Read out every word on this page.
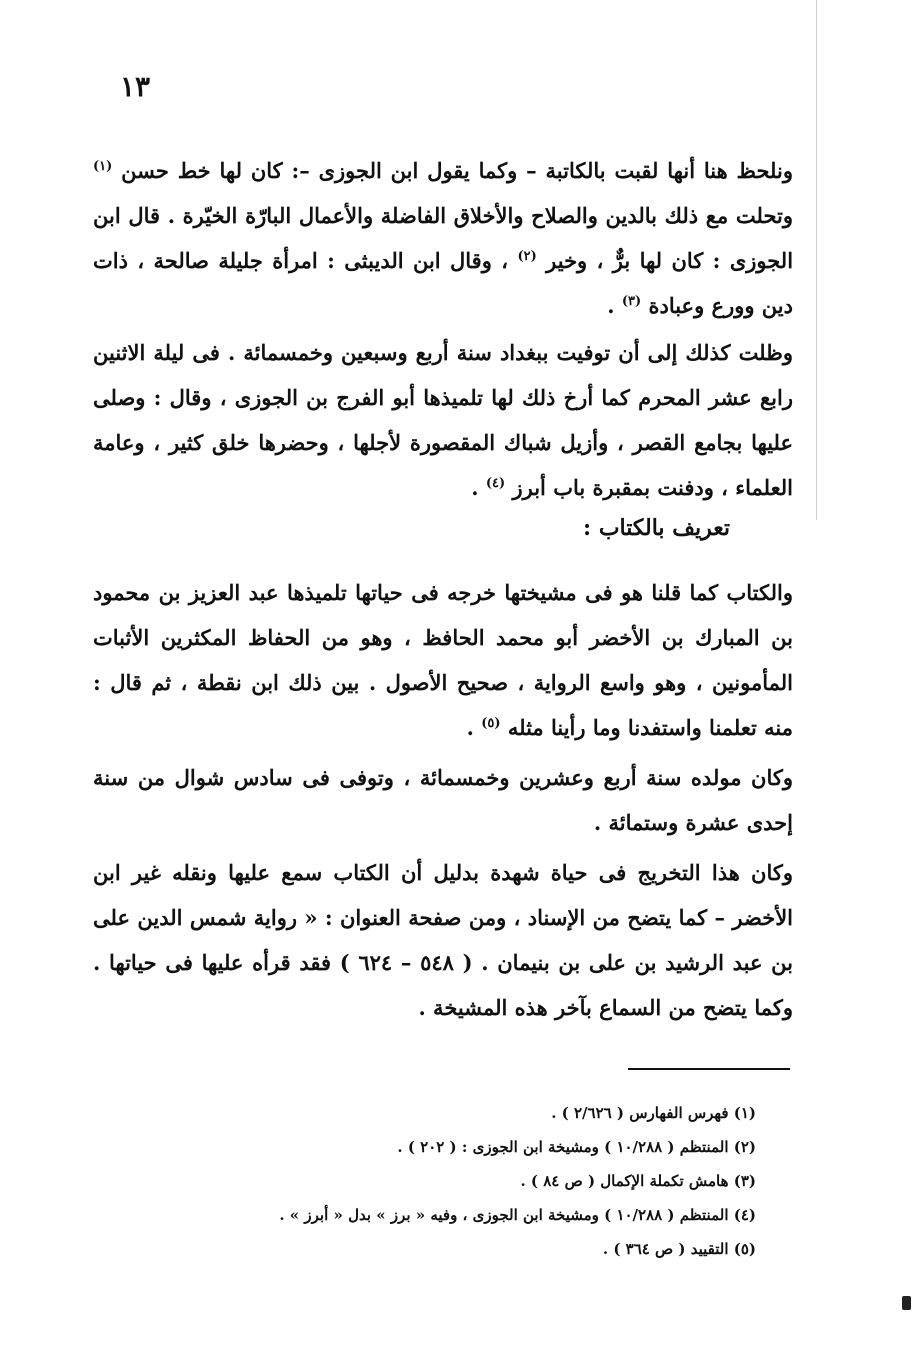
١٣
ونلحظ هنا أنها لقبت بالكاتبة – وكما يقول ابن الجوزى –: كان لها خط حسن $^{(١)}$ وتحلت مع ذلك بالدين والصلاح والأخلاق الفاضلة والأعمال البارّة الخيّرة . قال ابن الجوزى : كان لها برٌّ ، وخير $^{(٢)}$ ، وقال ابن الديبثى : امرأة جليلة صالحة ، ذات دين وورع وعبادة $^{(٣)}$ .
وظلت كذلك إلى أن توفيت ببغداد سنة أربع وسبعين وخمسمائة . فى ليلة الاثنين رابع عشر المحرم كما أرخ ذلك لها تلميذها أبو الفرج بن الجوزى ، وقال : وصلى عليها بجامع القصر ، وأزيل شباك المقصورة لأجلها ، وحضرها خلق كثير ، وعامة العلماء ، ودفنت بمقبرة باب أبرز $^{(٤)}$ .
تعريف بالكتاب :
والكتاب كما قلنا هو فى مشيختها خرجه فى حياتها تلميذها عبد العزيز بن محمود بن المبارك بن الأخضر أبو محمد الحافظ ، وهو من الحفاظ المكثرين الأثبات المأمونين ، وهو واسع الرواية ، صحيح الأصول . بين ذلك ابن نقطة ، ثم قال : منه تعلمنا واستفدنا وما رأينا مثله $^{(٥)}$ .
وكان مولده سنة أربع وعشرين وخمسمائة ، وتوفى فى سادس شوال من سنة إحدى عشرة وستمائة .
وكان هذا التخريج فى حياة شهدة بدليل أن الكتاب سمع عليها ونقله غير ابن الأخضر – كما يتضح من الإسناد ، ومن صفحة العنوان : « رواية شمس الدين على بن عبد الرشيد بن على بن بنيمان . ( ٥٤٨ – ٦٢٤ ) فقد قرأه عليها فى حياتها . وكما يتضح من السماع بآخر هذه المشيخة .
(١) فهرس الفهارس ( ٢/٦٢٦ ) .
(٢) المنتظم ( ١٠/٢٨٨ ) ومشيخة ابن الجوزى : ( ٢٠٢ ) .
(٣) هامش تكملة الإكمال ( ص ٨٤ ) .
(٤) المنتظم ( ١٠/٢٨٨ ) ومشيخة ابن الجوزى ، وفيه « برز » بدل « أبرز » .
(٥) التقييد ( ص ٣٦٤ ) .
